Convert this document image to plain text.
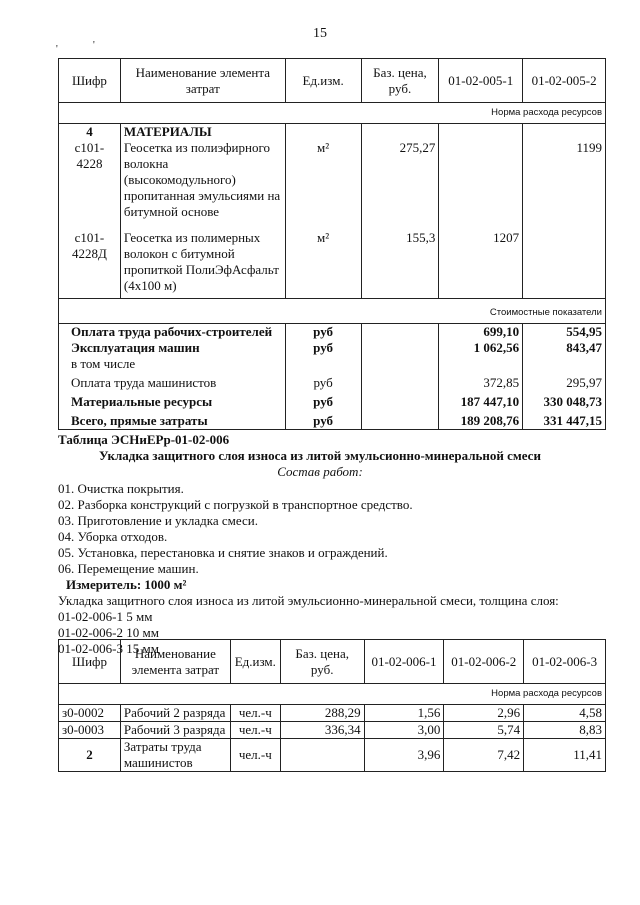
15
'	'
Шифр	Наименование элемента затрат	Ед.изм.	Баз. цена, руб.	01-02-005-1	01-02-005-2
Норма расхода ресурсов					
4	МАТЕРИАЛЫ				
с101-4228	Геосетка из полиэфирного волокна (высокомодульного) пропитанная эмульсиями на битумной основе	м²	275,27		1199
с101-4228Д	Геосетка из полимерных волокон с битумной пропиткой ПолиЭфАсфальт (4х100 м)	м²	155,3	1207	
Стоимостные показатели					
Оплата труда рабочих-строителей		руб		699,10	554,95
Эксплуатация машин		руб		1 062,56	843,47
в том числе					
Оплата труда машинистов		руб		372,85	295,97
Материальные ресурсы		руб		187 447,10	330 048,73
Всего, прямые затраты		руб		189 208,76	331 447,15
Таблица ЭСНиЕРр-01-02-006
Укладка защитного слоя износа из литой эмульсионно-минеральной смеси
Состав работ:
01. Очистка покрытия.
02. Разборка конструкций с погрузкой в транспортное средство.
03. Приготовление и укладка смеси.
04. Уборка отходов.
05. Установка, перестановка и снятие знаков и ограждений.
06. Перемещение машин.
Измеритель: 1000 м²
Укладка защитного слоя износа из литой эмульсионно-минеральной смеси, толщина слоя:
01-02-006-1 5 мм
01-02-006-2 10 мм
01-02-006-3 15 мм
Шифр	Наименование элемента затрат	Ед.изм.	Баз. цена, руб.	01-02-006-1	01-02-006-2	01-02-006-3
Норма расхода ресурсов						
з0-0002	Рабочий 2 разряда	чел.-ч	288,29	1,56	2,96	4,58
з0-0003	Рабочий 3 разряда	чел.-ч	336,34	3,00	5,74	8,83
2	Затраты труда машинистов	чел.-ч		3,96	7,42	11,41
